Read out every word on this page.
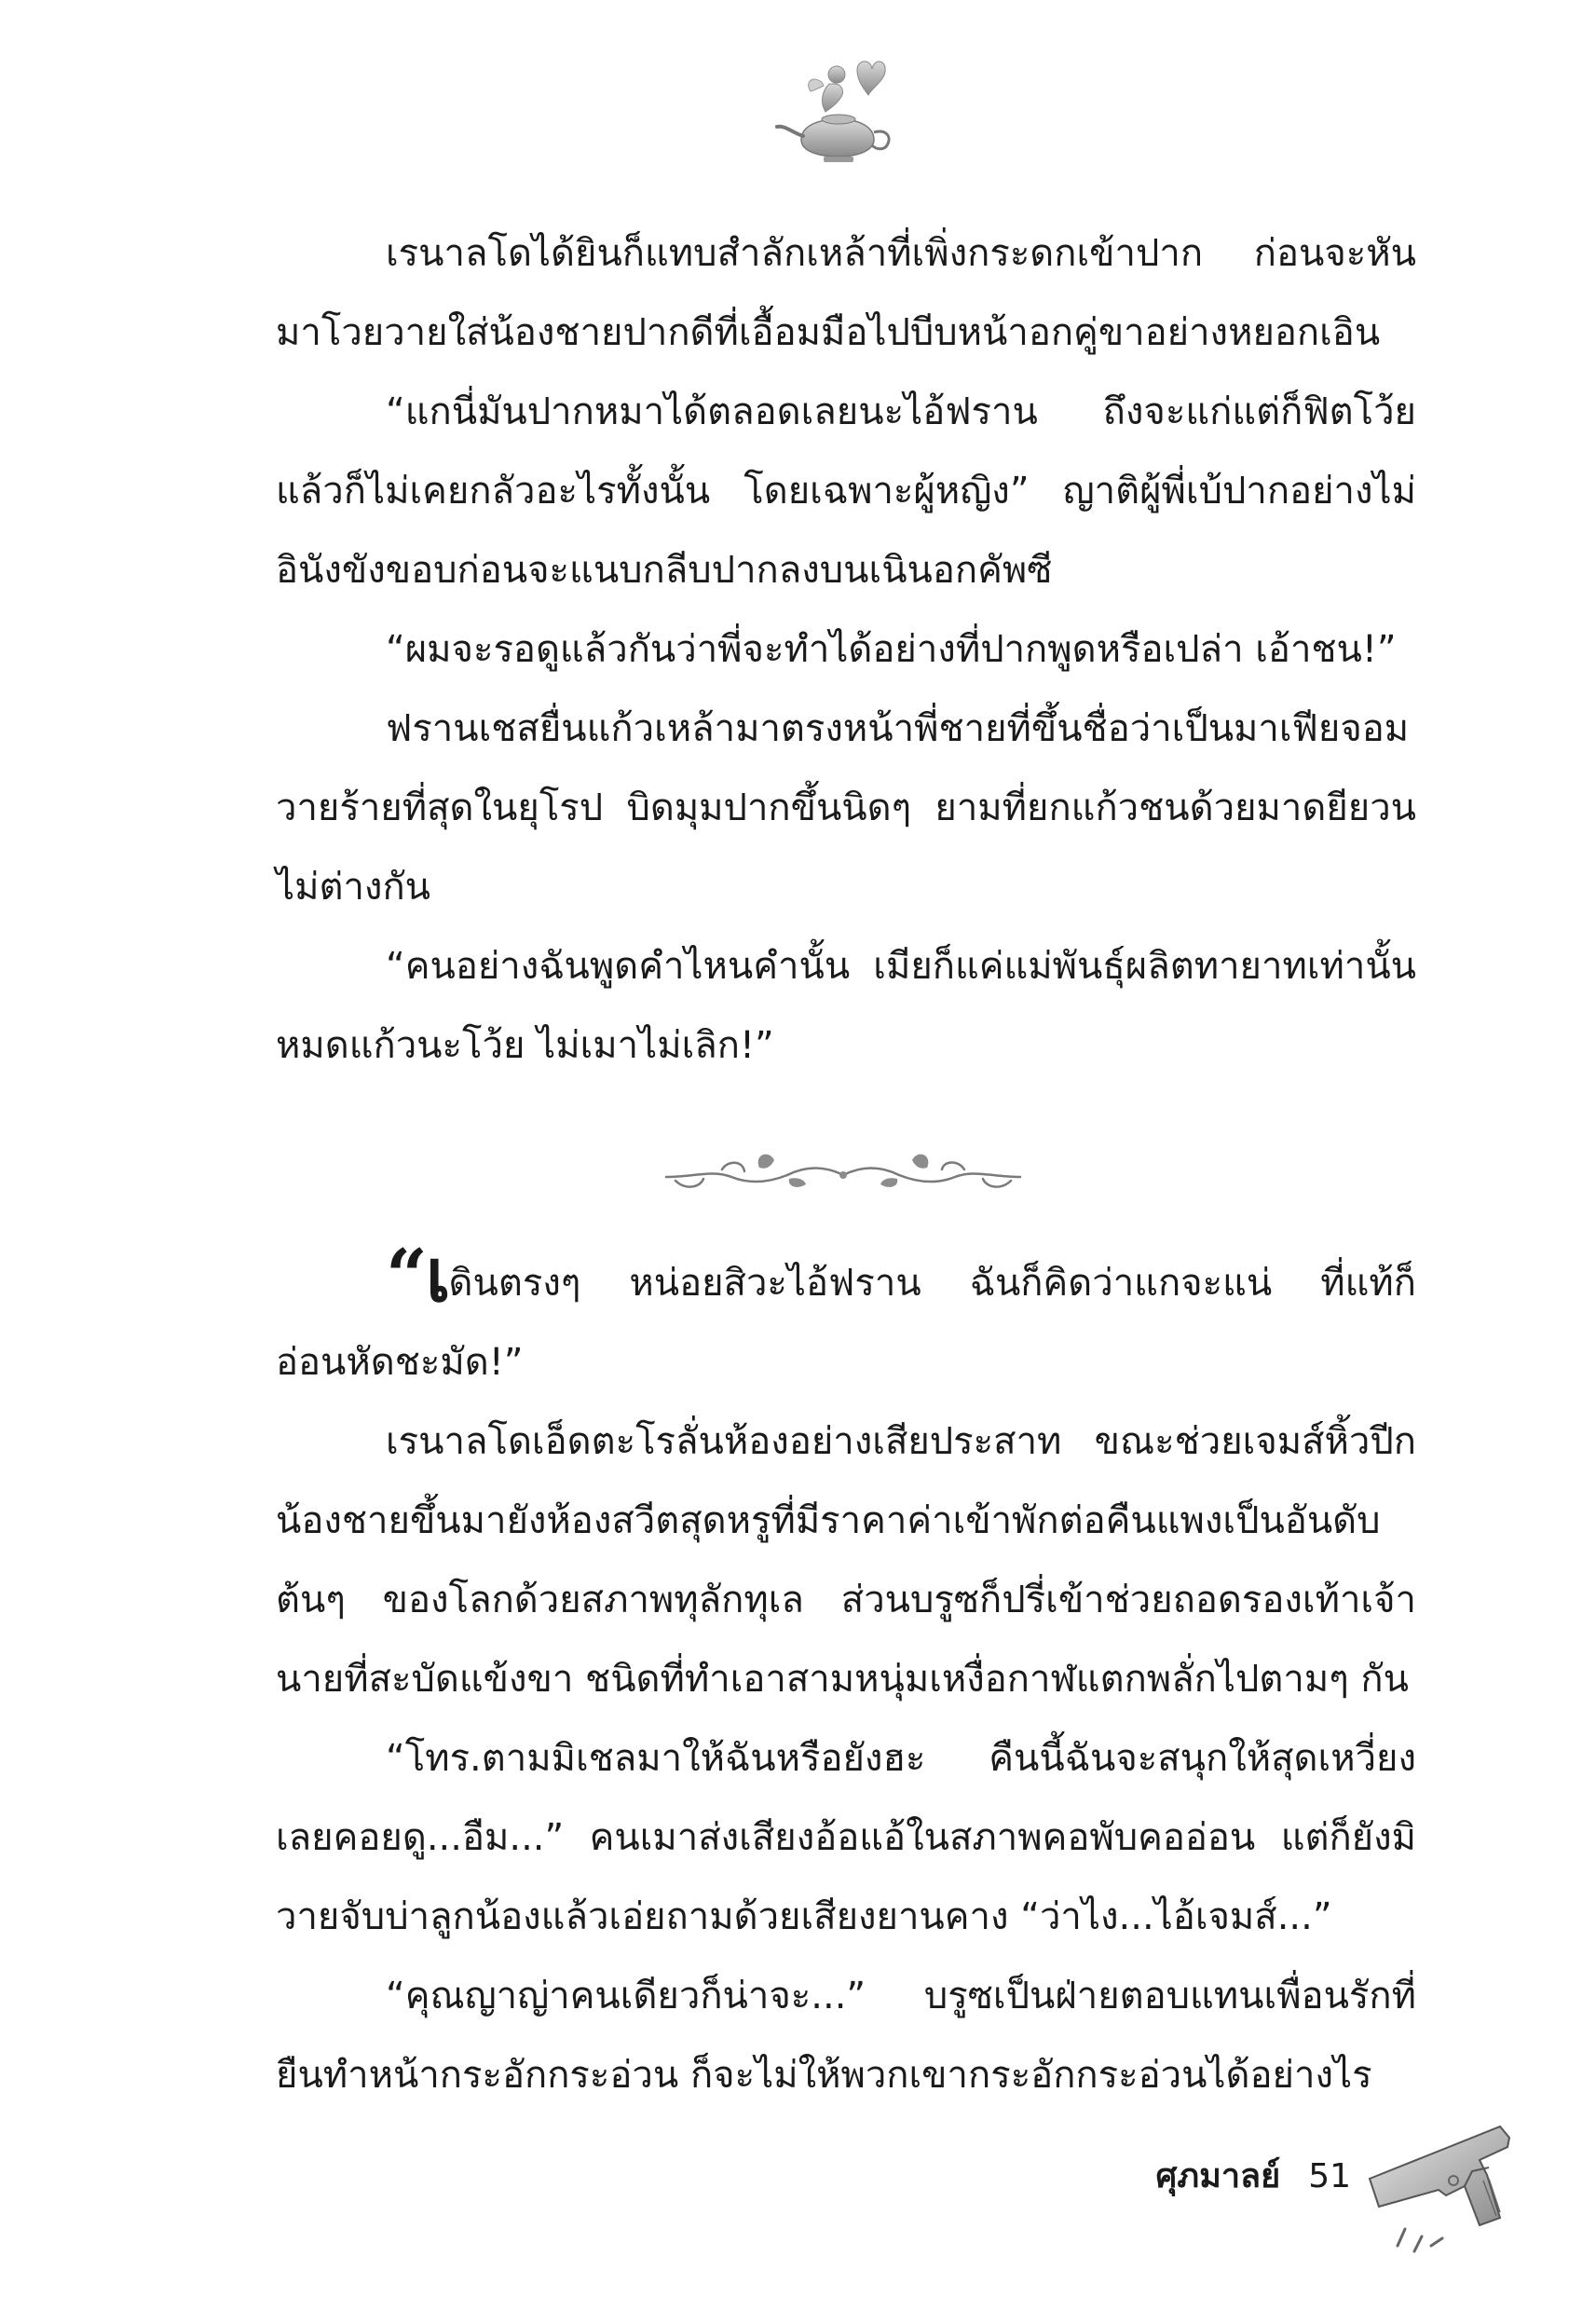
เรนาลโดได้ยินก็แทบสำลักเหล้าที่เพิ่งกระดกเข้าปาก ก่อนจะหันมาโวยวายใส่น้องชายปากดีที่เอื้อมมือไปบีบหน้าอกคู่ขาอย่างหยอกเอิน

“แกนี่มันปากหมาได้ตลอดเลยนะไอ้ฟราน ถึงจะแก่แต่ก็ฟิตโว้ยแล้วก็ไม่เคยกลัวอะไรทั้งนั้น โดยเฉพาะผู้หญิง” ญาติผู้พี่เบ้ปากอย่างไม่อินังขังขอบก่อนจะแนบกลีบปากลงบนเนินอกคัพซี

“ผมจะรอดูแล้วกันว่าพี่จะทำได้อย่างที่ปากพูดหรือเปล่า เอ้าชน!”

ฟรานเชสยื่นแก้วเหล้ามาตรงหน้าพี่ชายที่ขึ้นชื่อว่าเป็นมาเฟียจอมวายร้ายที่สุดในยุโรป บิดมุมปากขึ้นนิดๆ ยามที่ยกแก้วชนด้วยมาดยียวนไม่ต่างกัน

“คนอย่างฉันพูดคำไหนคำนั้น เมียก็แค่แม่พันธุ์ผลิตทายาทเท่านั้นหมดแก้วนะโว้ย ไม่เมาไม่เลิก!”

“เดินตรงๆ หน่อยสิวะไอ้ฟราน ฉันก็คิดว่าแกจะแน่ ที่แท้ก็อ่อนหัดชะมัด!”

เรนาลโดเอ็ดตะโรลั่นห้องอย่างเสียประสาท ขณะช่วยเจมส์หิ้วปีกน้องชายขึ้นมายังห้องสวีตสุดหรูที่มีราคาค่าเข้าพักต่อคืนแพงเป็นอันดับต้นๆ ของโลกด้วยสภาพทุลักทุเล ส่วนบรูซก็ปรี่เข้าช่วยถอดรองเท้าเจ้านายที่สะบัดแข้งขา ชนิดที่ทำเอาสามหนุ่มเหงื่อกาฬแตกพลั่กไปตามๆ กัน

“โทร.ตามมิเชลมาให้ฉันหรือยังฮะ คืนนี้ฉันจะสนุกให้สุดเหวี่ยงเลยคอยดู...อืม...” คนเมาส่งเสียงอ้อแอ้ในสภาพคอพับคออ่อน แต่ก็ยังมิวายจับบ่าลูกน้องแล้วเอ่ยถามด้วยเสียงยานคาง “ว่าไง...ไอ้เจมส์...”

“คุณญาญ่าคนเดียวก็น่าจะ...” บรูซเป็นฝ่ายตอบแทนเพื่อนรักที่ยืนทำหน้ากระอักกระอ่วน ก็จะไม่ให้พวกเขากระอักกระอ่วนได้อย่างไร

ศุภมาลย์ 51
